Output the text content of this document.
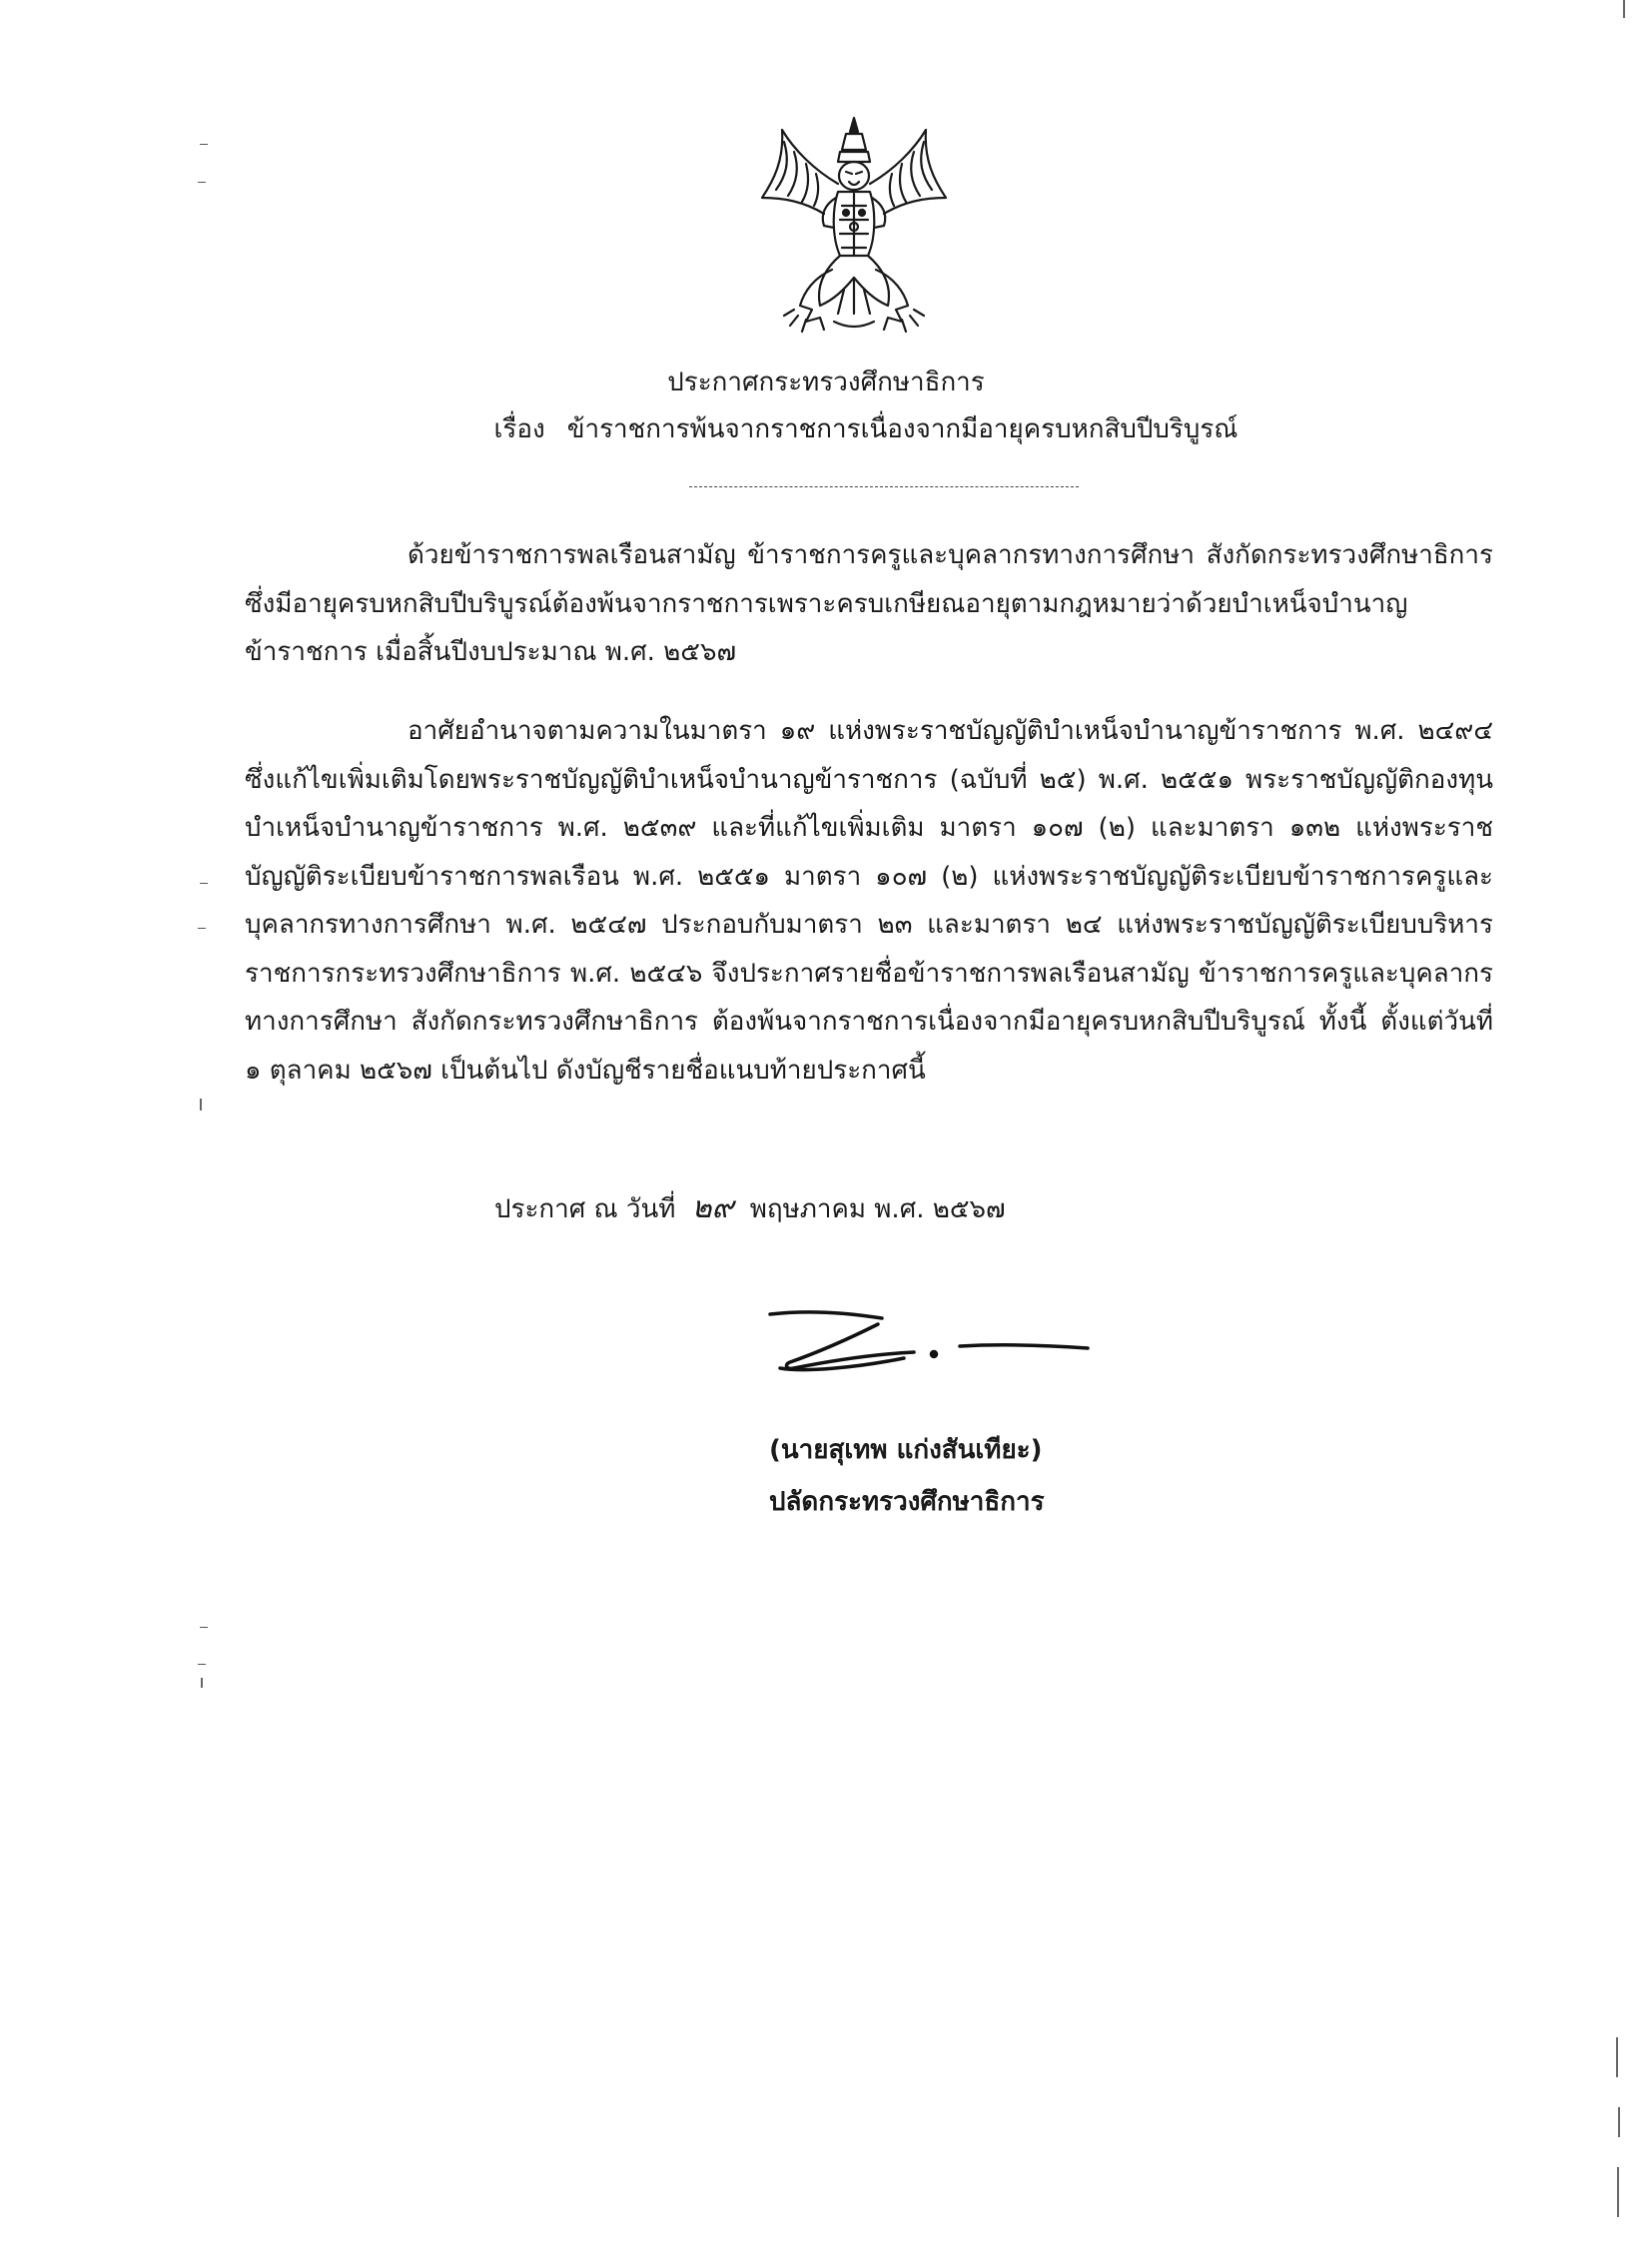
ประกาศกระทรวงศึกษาธิการ
เรื่อง ข้าราชการพ้นจากราชการเนื่องจากมีอายุครบหกสิบปีบริบูรณ์
ด้วยข้าราชการพลเรือนสามัญ ข้าราชการครูและบุคลากรทางการศึกษา สังกัดกระทรวงศึกษาธิการ ซึ่งมีอายุครบหกสิบปีบริบูรณ์ต้องพ้นจากราชการเพราะครบเกษียณอายุตามกฎหมายว่าด้วยบำเหน็จบำนาญข้าราชการ เมื่อสิ้นปีงบประมาณ พ.ศ. ๒๕๖๗
อาศัยอำนาจตามความในมาตรา ๑๙ แห่งพระราชบัญญัติบำเหน็จบำนาญข้าราชการ พ.ศ. ๒๔๙๔ ซึ่งแก้ไขเพิ่มเติมโดยพระราชบัญญัติบำเหน็จบำนาญข้าราชการ (ฉบับที่ ๒๕) พ.ศ. ๒๕๕๑ พระราชบัญญัติกองทุนบำเหน็จบำนาญข้าราชการ พ.ศ. ๒๕๓๙ และที่แก้ไขเพิ่มเติม มาตรา ๑๐๗ (๒) และมาตรา ๑๓๒ แห่งพระราชบัญญัติระเบียบข้าราชการพลเรือน พ.ศ. ๒๕๕๑ มาตรา ๑๐๗ (๒) แห่งพระราชบัญญัติระเบียบข้าราชการครูและบุคลากรทางการศึกษา พ.ศ. ๒๕๔๗ ประกอบกับมาตรา ๒๓ และมาตรา ๒๔ แห่งพระราชบัญญัติระเบียบบริหารราชการกระทรวงศึกษาธิการ พ.ศ. ๒๕๔๖ จึงประกาศรายชื่อข้าราชการพลเรือนสามัญ ข้าราชการครูและบุคลากรทางการศึกษา สังกัดกระทรวงศึกษาธิการ ต้องพ้นจากราชการเนื่องจากมีอายุครบหกสิบปีบริบูรณ์ ทั้งนี้ ตั้งแต่วันที่ ๑ ตุลาคม ๒๕๖๗ เป็นต้นไป ดังบัญชีรายชื่อแนบท้ายประกาศนี้
ประกาศ ณ วันที่ ๒๙ พฤษภาคม พ.ศ. ๒๕๖๗
(นายสุเทพ แก่งสันเทียะ)
ปลัดกระทรวงศึกษาธิการ
